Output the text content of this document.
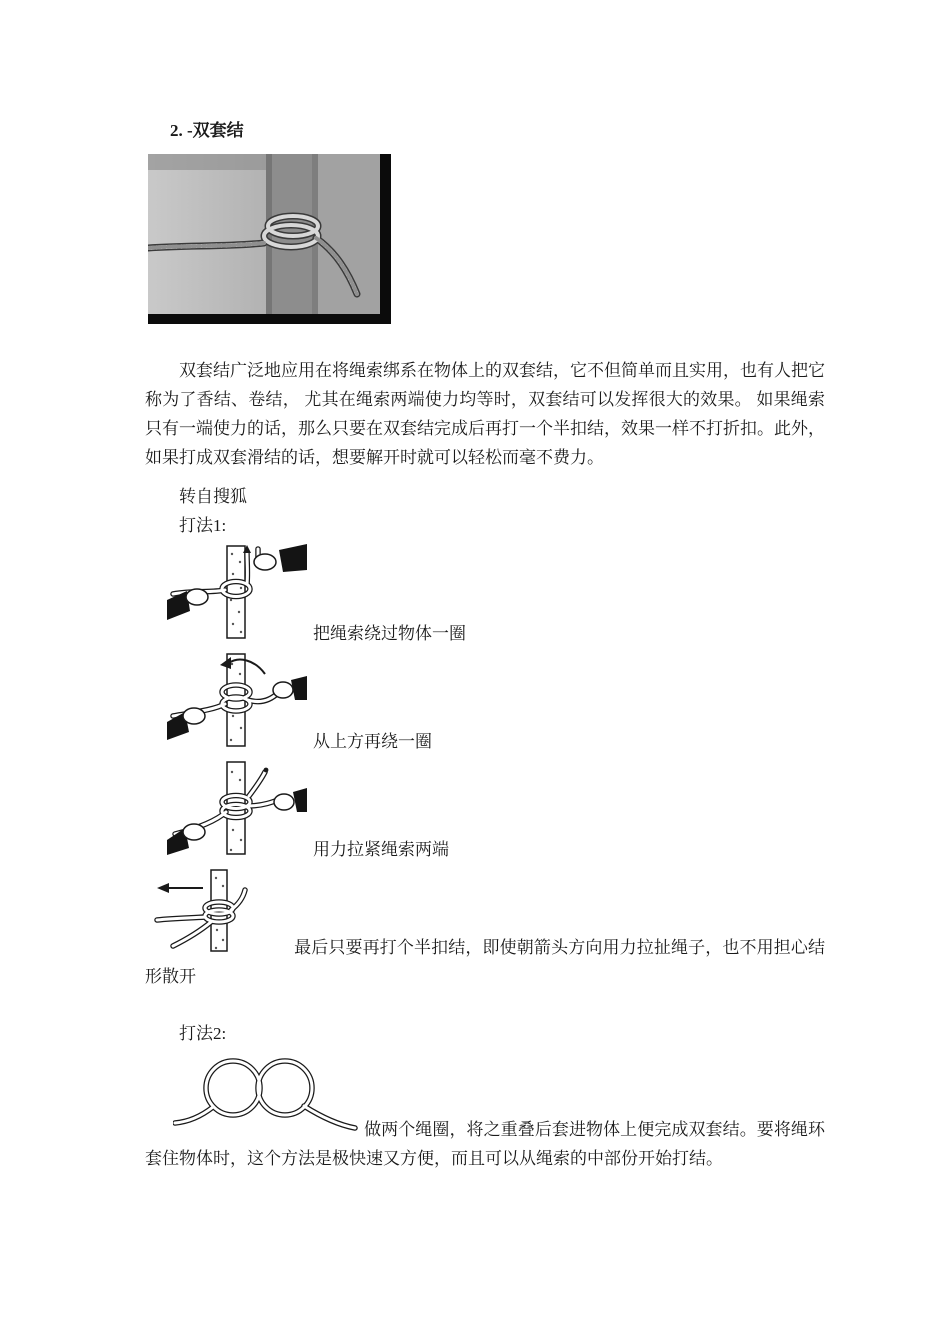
2. -双套结

双套结广泛地应用在将绳索绑系在物体上的双套结，它不但简单而且实用，也有人把它称为了香结、卷结， 尤其在绳索两端使力均等时，双套结可以发挥很大的效果。 如果绳索只有一端使力的话，那么只要在双套结完成后再打一个半扣结，效果一样不打折扣。此外，如果打成双套滑结的话，想要解开时就可以轻松而毫不费力。

转自搜狐

打法1:

把绳索绕过物体一圈

从上方再绕一圈

用力拉紧绳索两端

最后只要再打个半扣结，即使朝箭头方向用力拉扯绳子，也不用担心结形散开

打法2:

做两个绳圈，将之重叠后套进物体上便完成双套结。要将绳环套住物体时，这个方法是极快速又方便，而且可以从绳索的中部份开始打结。
